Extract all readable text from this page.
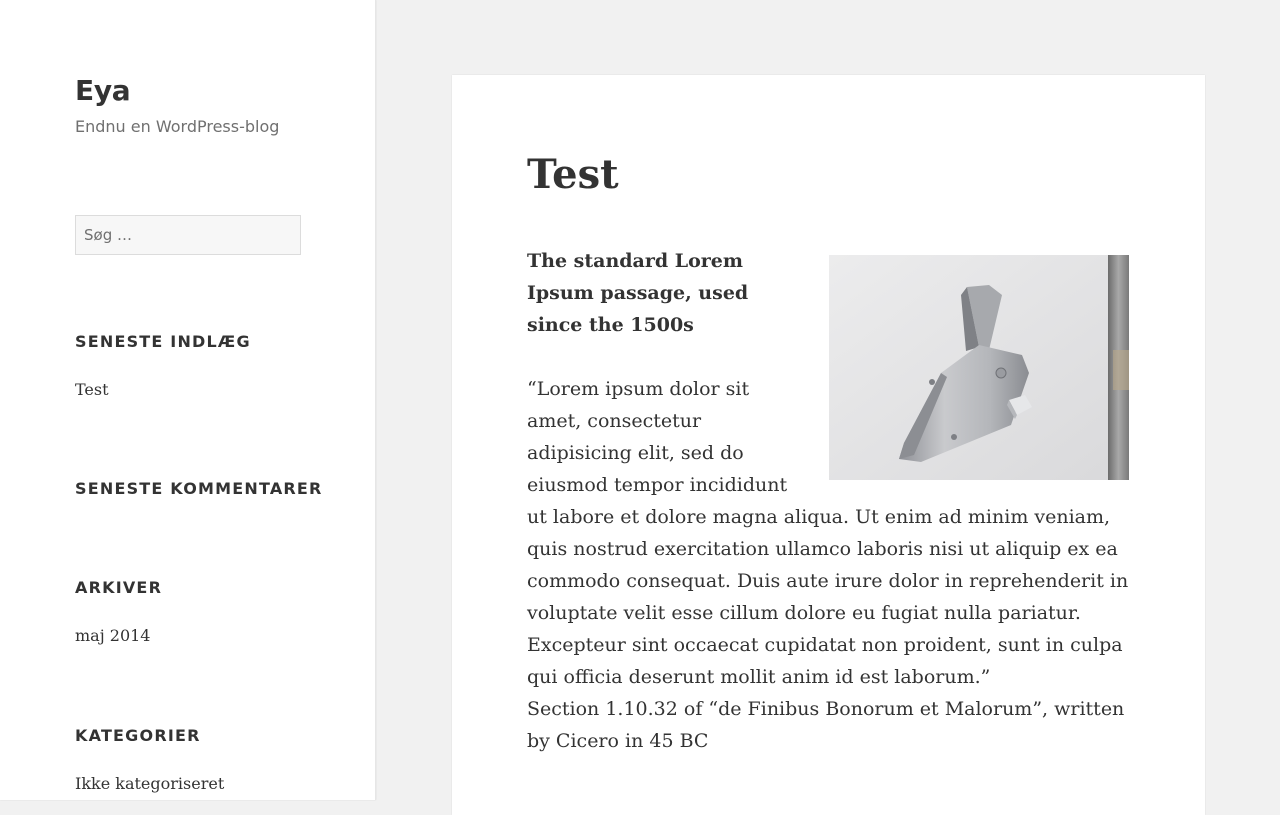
Eya

Endnu en WordPress-blog

Søg …
SENESTE INDLÆG
Test
SENESTE KOMMENTARER
ARKIVER
maj 2014
KATEGORIER
Ikke kategoriseret
Test

The standard Lorem Ipsum passage, used since the 1500s

“Lorem ipsum dolor sit amet, consectetur adipisicing elit, sed do eiusmod tempor incididunt ut labore et dolore magna aliqua. Ut enim ad minim veniam, quis nostrud exercitation ullamco laboris nisi ut aliquip ex ea commodo consequat. Duis aute irure dolor in reprehenderit in voluptate velit esse cillum dolore eu fugiat nulla pariatur. Excepteur sint occaecat cupidatat non proident, sunt in culpa qui officia deserunt mollit anim id est laborum.”

Section 1.10.32 of “de Finibus Bonorum et Malorum”, written by Cicero in 45 BC
